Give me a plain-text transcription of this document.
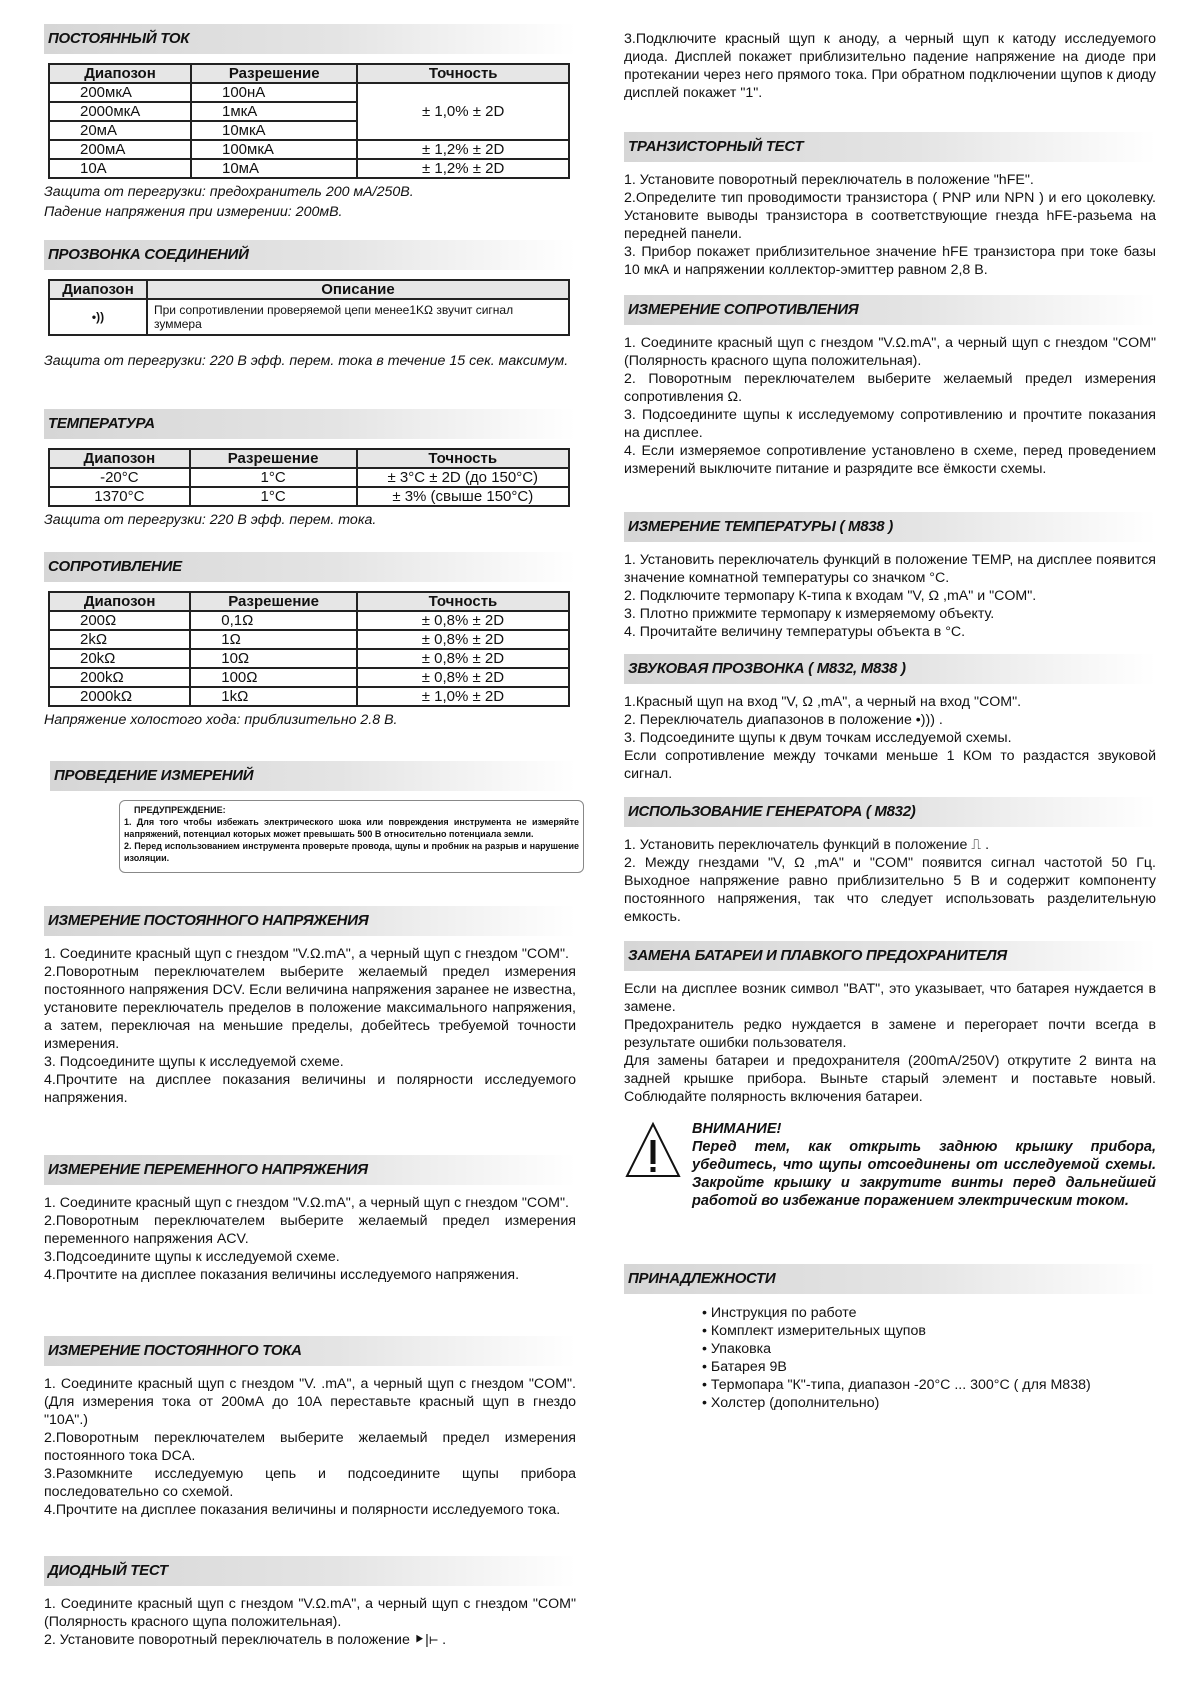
ПОСТОЯННЫЙ ТОК
Диапозон	Разрешение	Точность
200мкА	100нА	± 1,0% ± 2D
2000мкА	1мкА	
20мА	10мкА	
200мА	100мкА	± 1,2% ± 2D
10А	10мА	± 1,2% ± 2D

Защита от перегрузки: предохранитель 200 мА/250В.

Падение напряжения при измерении: 200мВ.

ПРОЗВОНКА СОЕДИНЕНИЙ
Диапозон	Описание
•))	При сопротивлении проверяемой цепи менее1KΩ звучит сигнал зуммера

Защита от перегрузки: 220 В эфф. перем. тока в течение 15 сек. максимум.

ТЕМПЕРАТУРА
Диапозон	Разрешение	Точность
-20°C	1°C	± 3°C ± 2D (до 150°C)
1370°C	1°C	± 3% (свыше 150°C)

Защита от перегрузки: 220 В эфф. перем. тока.

СОПРОТИВЛЕНИЕ
Диапозон	Разрешение	Точность
200Ω	0,1Ω	± 0,8% ± 2D
2kΩ	1Ω	± 0,8% ± 2D
20kΩ	10Ω	± 0,8% ± 2D
200kΩ	100Ω	± 0,8% ± 2D
2000kΩ	1kΩ	± 1,0% ± 2D

Напряжение холостого хода: приблизительно 2.8 В.

ПРОВЕДЕНИЕ ИЗМЕРЕНИЙ
ПРЕДУПРЕЖДЕНИЕ:
1. Для того чтобы избежать электрического шока или повреждения инструмента не измеряйте напряжений, потенциал которых может превышать 500 В относительно потенциала земли.
2. Перед использованием инструмента проверьте провода, щупы и пробник на разрыв и нарушение изоляции.
ИЗМЕРЕНИЕ ПОСТОЯННОГО НАПРЯЖЕНИЯ

1. Соедините красный щуп с гнездом "V.Ω.mA", а черный щуп с гнездом "COM".

2.Поворотным переключателем выберите желаемый предел измерения постоянного напряжения DCV. Если величина напряжения заранее не известна, установите переключатель пределов в положение максимального напряжения, а затем, переключая на меньшие пределы, добейтесь требуемой точности измерения.

3. Подсоедините щупы к исследуемой схеме.

4.Прочтите на дисплее показания величины и полярности исследуемого напряжения.

ИЗМЕРЕНИЕ ПЕРЕМЕННОГО НАПРЯЖЕНИЯ

1. Соедините красный щуп с гнездом "V.Ω.mA", а черный щуп с гнездом "COM".

2.Поворотным переключателем выберите желаемый предел измерения переменного напряжения ACV.

3.Подсоедините щупы к исследуемой схеме.

4.Прочтите на дисплее показания величины исследуемого напряжения.

ИЗМЕРЕНИЕ ПОСТОЯННОГО ТОКА

1. Соедините красный щуп с гнездом "V. .mA", а черный щуп с гнездом "COM". (Для измерения тока от 200мА до 10А переставьте красный щуп в гнездо "10А".)

2.Поворотным переключателем выберите желаемый предел измерения постоянного тока DCA.

3.Разомкните исследуемую цепь и подсоедините щупы прибора последовательно со схемой.

4.Прочтите на дисплее показания величины и полярности исследуемого тока.

ДИОДНЫЙ ТЕСТ

1. Соедините красный щуп с гнездом "V.Ω.mA", а черный щуп с гнездом "COM" (Полярность красного щупа положительная).

2. Установите поворотный переключатель в положение ⯈|⊢ .

3.Подключите красный щуп к аноду, а черный щуп к катоду исследуемого диода. Дисплей покажет приблизительно падение напряжение на диоде при протекании через него прямого тока. При обратном подключении щупов к диоду дисплей покажет "1".

ТРАНЗИСТОРНЫЙ ТЕСТ

1. Установите поворотный переключатель в положение "hFE".

2.Определите тип проводимости транзистора ( PNP или NPN ) и его цоколевку. Установите выводы транзистора в соответствующие гнезда hFE-разьема на передней панели.

3. Прибор покажет приблизительное значение hFE транзистора при токе базы 10 мкА и напряжении коллектор-эмиттер равном 2,8 В.

ИЗМЕРЕНИЕ СОПРОТИВЛЕНИЯ

1. Соедините красный щуп с гнездом "V.Ω.mA", а черный щуп с гнездом "COM" (Полярность красного щупа положительная).

2. Поворотным переключателем выберите желаемый предел измерения сопротивления Ω.

3. Подсоедините щупы к исследуемому сопротивлению и прочтите показания на дисплее.

4. Если измеряемое сопротивление установлено в схеме, перед проведением измерений выключите питание и разрядите все ёмкости схемы.

ИЗМЕРЕНИЕ ТЕМПЕРАТУРЫ ( M838 )

1. Установить переключатель функций в положение TEMP, на дисплее появится значение комнатной температуры со значком °C.

2. Подключите термопару К-типа к входам "V, Ω ,mA" и "COM".

3. Плотно прижмите термопару к измеряемому объекту.

4. Прочитайте величину температуры объекта в °С.

ЗВУКОВАЯ ПРОЗВОНКА ( M832, M838 )

1.Красный щуп на вход "V, Ω ,mA", а черный на вход "COM".

2. Переключатель диапазонов в положение •))) .

3. Подсоедините щупы к двум точкам исследуемой схемы.

Если сопротивление между точками меньше 1 КОм то раздастся звуковой сигнал.

ИСПОЛЬЗОВАНИЕ ГЕНЕРАТОРА ( M832)

1. Установить переключатель функций в положение ⎍ .

2. Между гнездами "V, Ω ,mA" и "COM" появится сигнал частотой 50 Гц. Выходное напряжение равно приблизительно 5 В и содержит компоненту постоянного напряжения, так что следует использовать разделительную емкость.

ЗАМЕНА БАТАРЕИ И ПЛАВКОГО ПРЕДОХРАНИТЕЛЯ

Если на дисплее возник символ "BAT", это указывает, что батарея нуждается в замене.

Предохранитель редко нуждается в замене и перегорает почти всегда в результате ошибки пользователя.

Для замены батареи и предохранителя (200mA/250V) открутите 2 винта на задней крышке прибора. Выньте старый элемент и поставьте новый. Соблюдайте полярность включения батареи.

ВНИМАНИЕ!
Перед тем, как открыть заднюю крышку прибора, убедитесь, что щупы отсоединены от исследуемой схемы. Закройте крышку и закрутите винты перед дальнейшей работой во избежание поражением электрическим током.
ПРИНАДЛЕЖНОСТИ
• Инструкция по работе
• Комплект измерительных щупов
• Упаковка
• Батарея 9В
• Термопара "К"-типа, диапазон -20°C ... 300°C ( для M838)
• Холстер (дополнительно)
